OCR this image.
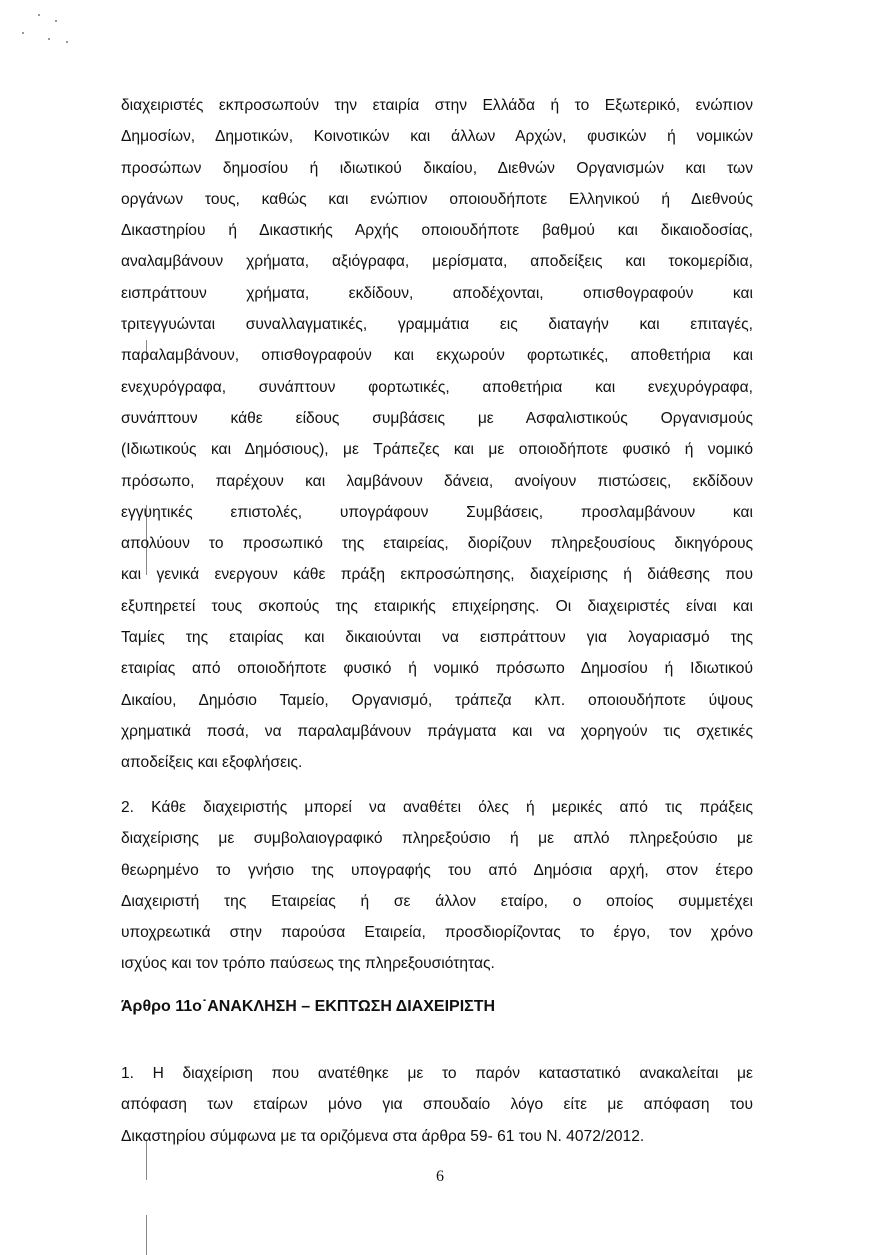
διαχειριστές εκπροσωπούν την εταιρία στην Ελλάδα ή το Εξωτερικό, ενώπιον
Δημοσίων, Δημοτικών, Κοινοτικών και άλλων Αρχών, φυσικών ή νομικών
προσώπων δημοσίου ή ιδιωτικού δικαίου, Διεθνών Οργανισμών και των
οργάνων τους, καθώς και ενώπιον οποιουδήποτε Ελληνικού ή Διεθνούς
Δικαστηρίου ή Δικαστικής Αρχής οποιουδήποτε βαθμού και δικαιοδοσίας,
αναλαμβάνουν χρήματα, αξιόγραφα, μερίσματα, αποδείξεις και τοκομερίδια,
εισπράττουν χρήματα, εκδίδουν, αποδέχονται, οπισθογραφούν και
τριτεγγυώνται συναλλαγματικές, γραμμάτια εις διαταγήν και επιταγές,
παραλαμβάνουν, οπισθογραφούν και εκχωρούν φορτωτικές, αποθετήρια και
ενεχυρόγραφα, συνάπτουν φορτωτικές, αποθετήρια και ενεχυρόγραφα,
συνάπτουν κάθε είδους συμβάσεις με Ασφαλιστικούς Οργανισμούς
(Ιδιωτικούς και Δημόσιους), με Τράπεζες και με οποιοδήποτε φυσικό ή νομικό
πρόσωπο, παρέχουν και λαμβάνουν δάνεια, ανοίγουν πιστώσεις, εκδίδουν
εγγυητικές επιστολές, υπογράφουν Συμβάσεις, προσλαμβάνουν και
απολύουν το προσωπικό της εταιρείας, διορίζουν πληρεξουσίους δικηγόρους
και γενικά ενεργουν κάθε πράξη εκπροσώπησης, διαχείρισης ή διάθεσης που
εξυπηρετεί τους σκοπούς της εταιρικής επιχείρησης. Οι διαχειριστές είναι και
Ταμίες της εταιρίας και δικαιούνται να εισπράττουν για λογαριασμό της
εταιρίας από οποιοδήποτε φυσικό ή νομικό πρόσωπο Δημοσίου ή Ιδιωτικού
Δικαίου, Δημόσιο Ταμείο, Οργανισμό, τράπεζα κλπ. οποιουδήποτε ύψους
χρηματικά ποσά, να παραλαμβάνουν πράγματα και να χορηγούν τις σχετικές
αποδείξεις και εξοφλήσεις.
2. Κάθε διαχειριστής μπορεί να αναθέτει όλες ή μερικές από τις πράξεις
διαχείρισης με συμβολαιογραφικό πληρεξούσιο ή με απλό πληρεξούσιο με
θεωρημένο το γνήσιο της υπογραφής του από Δημόσια αρχή, στον έτερο
Διαχειριστή της Εταιρείας ή σε άλλον εταίρο, ο οποίος συμμετέχει
υποχρεωτικά στην παρούσα Εταιρεία, προσδιορίζοντας το έργο, τον χρόνο
ισχύος και τον τρόπο παύσεως της πληρεξουσιότητας.
Άρθρο 11ο˙ΑΝΑΚΛΗΣΗ – ΕΚΠΤΩΣΗ ΔΙΑΧΕΙΡΙΣΤΗ
1. Η διαχείριση που ανατέθηκε με το παρόν καταστατικό ανακαλείται με
απόφαση των εταίρων μόνο για σπουδαίο λόγο είτε με απόφαση του
Δικαστηρίου σύμφωνα με τα οριζόμενα στα άρθρα 59- 61 του Ν. 4072/2012.
6
